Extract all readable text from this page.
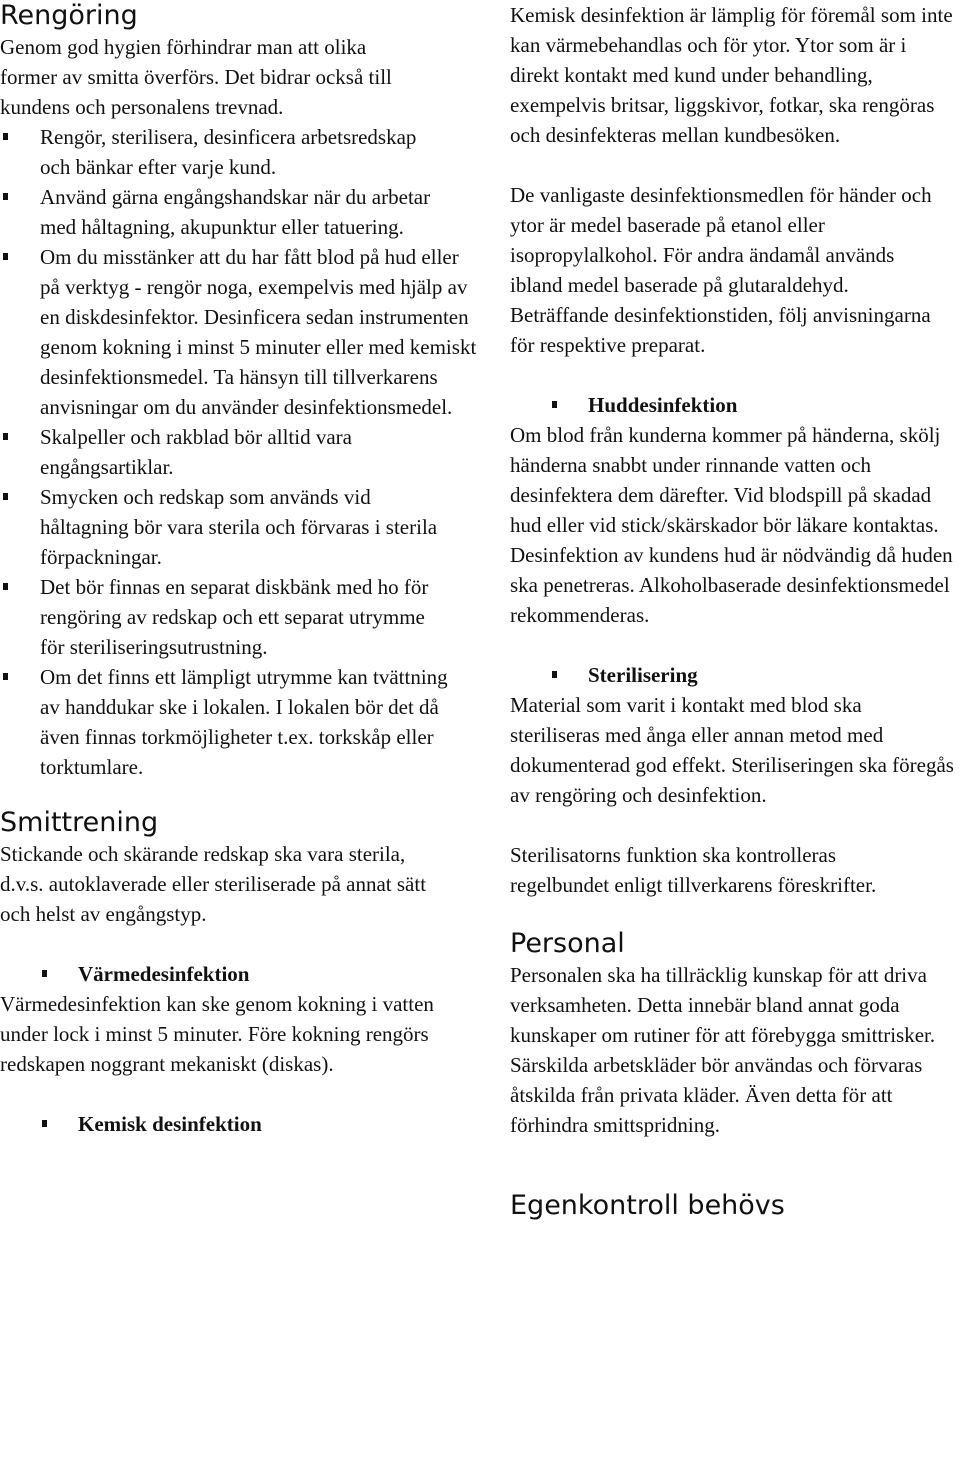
Rengöring

Genom god hygien förhindrar man att olika former av smitta överförs. Det bidrar också till kundens och personalens trevnad.

Rengör, sterilisera, desinficera arbetsredskap och bänkar efter varje kund.
Använd gärna engångshandskar när du arbetar med håltagning, akupunktur eller tatuering.
Om du misstänker att du har fått blod på hud eller på verktyg - rengör noga, exempelvis med hjälp av en diskdesinfektor. Desinficera sedan instrumenten genom kokning i minst 5 minuter eller med kemiskt desinfektionsmedel. Ta hänsyn till tillverkarens anvisningar om du använder desinfektionsmedel.
Skalpeller och rakblad bör alltid vara engångsartiklar.
Smycken och redskap som används vid håltagning bör vara sterila och förvaras i sterila förpackningar.
Det bör finnas en separat diskbänk med ho för rengöring av redskap och ett separat utrymme för steriliseringsutrustning.
Om det finns ett lämpligt utrymme kan tvättning av handdukar ske i lokalen. I lokalen bör det då även finnas torkmöjligheter t.ex. torkskåp eller torktumlare.
Smittrening

Stickande och skärande redskap ska vara sterila, d.v.s. autoklaverade eller steriliserade på annat sätt och helst av engångstyp.

Värmedesinfektion

Värmedesinfektion kan ske genom kokning i vatten under lock i minst 5 minuter. Före kokning rengörs redskapen noggrant mekaniskt (diskas).

Kemisk desinfektion

Kemisk desinfektion är lämplig för föremål som inte kan värmebehandlas och för ytor. Ytor som är i direkt kontakt med kund under behandling, exempelvis britsar, liggskivor, fotkar, ska rengöras och desinfekteras mellan kundbesöken.

De vanligaste desinfektionsmedlen för händer och ytor är medel baserade på etanol eller isopropylalkohol. För andra ändamål används ibland medel baserade på glutaraldehyd. Beträffande desinfektionstiden, följ anvisningarna för respektive preparat.

Huddesinfektion

Om blod från kunderna kommer på händerna, skölj händerna snabbt under rinnande vatten och desinfektera dem därefter. Vid blodspill på skadad hud eller vid stick/skärskador bör läkare kontaktas. Desinfektion av kundens hud är nödvändig då huden ska penetreras. Alkoholbaserade desinfektionsmedel rekommenderas.

Sterilisering

Material som varit i kontakt med blod ska steriliseras med ånga eller annan metod med dokumenterad god effekt. Steriliseringen ska föregås av rengöring och desinfektion.

Sterilisatorns funktion ska kontrolleras regelbundet enligt tillverkarens föreskrifter.

Personal

Personalen ska ha tillräcklig kunskap för att driva verksamheten. Detta innebär bland annat goda kunskaper om rutiner för att förebygga smittrisker. Särskilda arbetskläder bör användas och förvaras åtskilda från privata kläder. Även detta för att förhindra smittspridning.

Egenkontroll behövs
